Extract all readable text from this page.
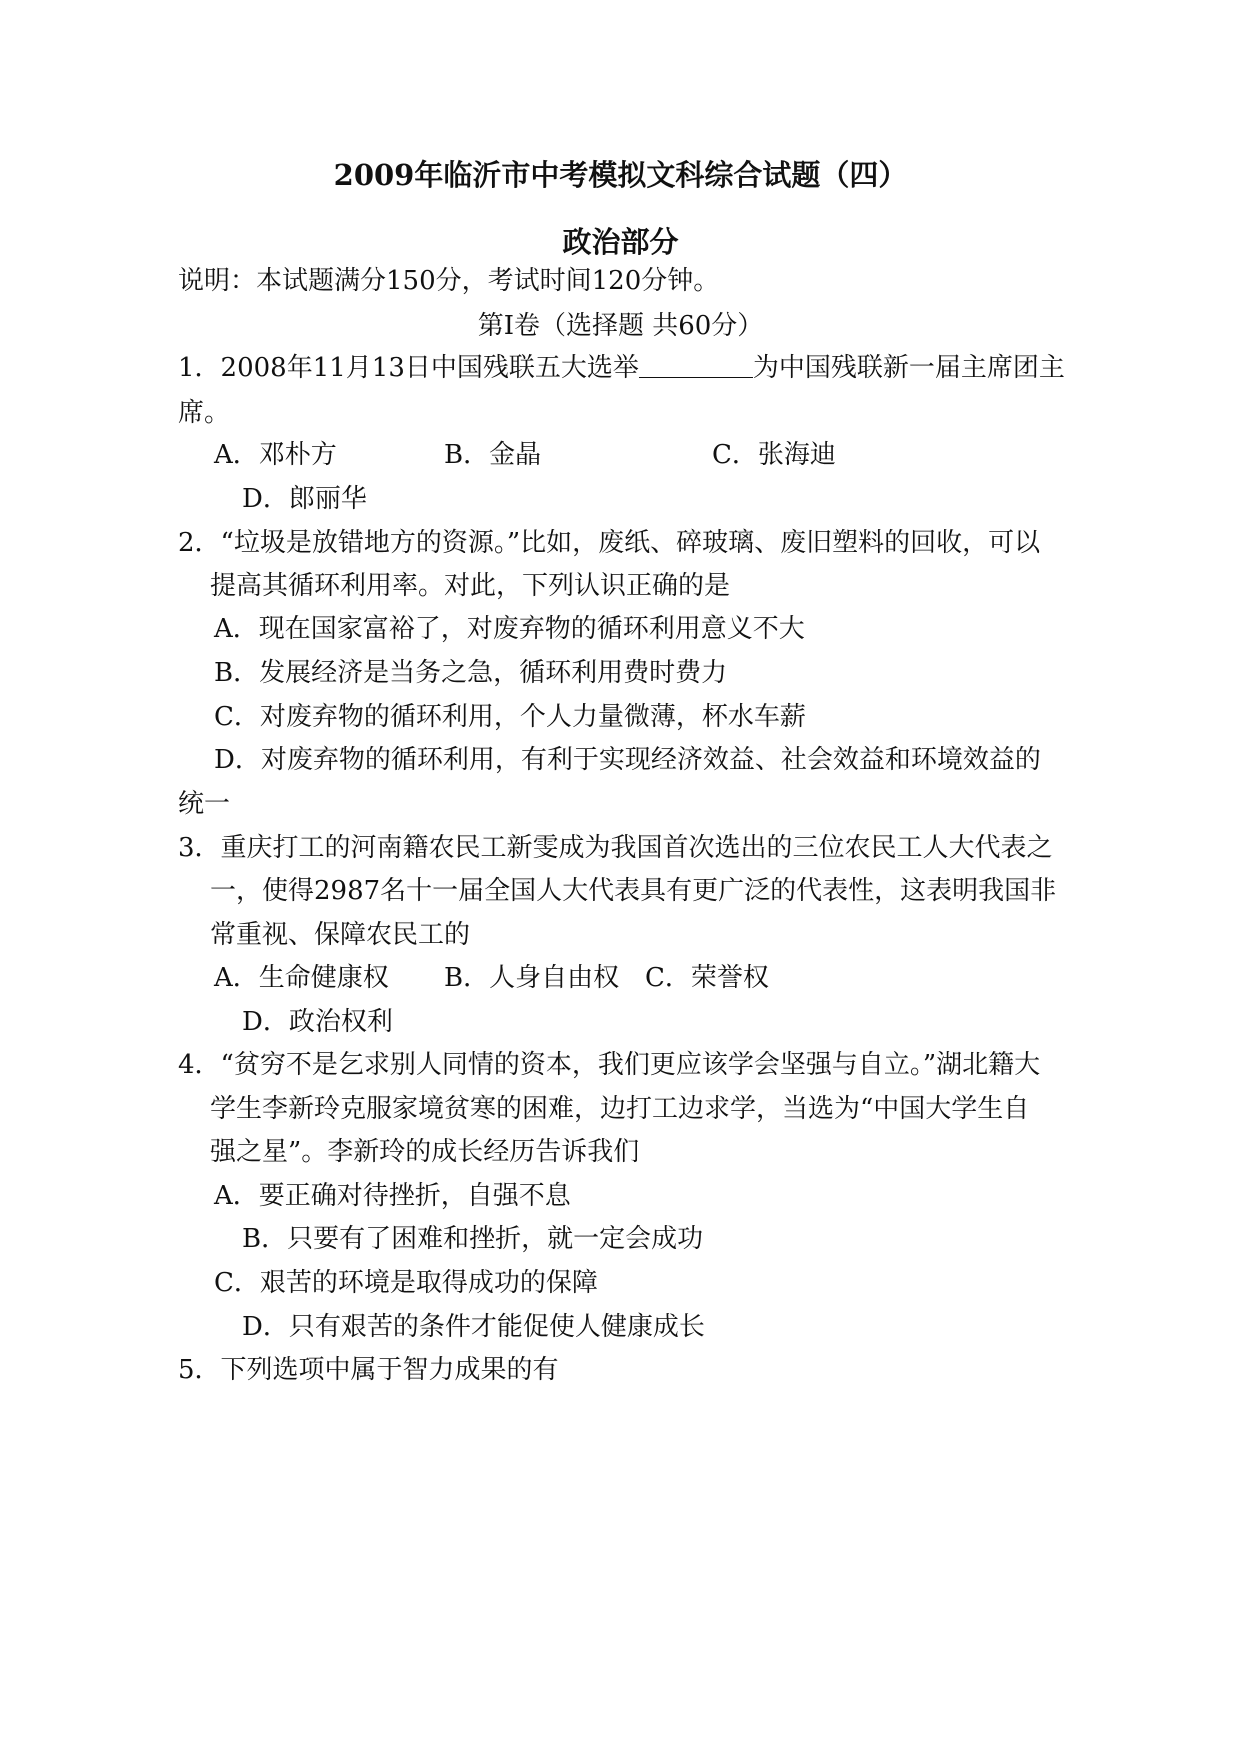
2009年临沂市中考模拟文科综合试题（四）
政治部分
说明：本试题满分150分，考试时间120分钟。
第Ⅰ卷（选择题 共60分）
1．2008年11月13日中国残联五大选举	为中国残联新一届主席团主
席。
A．邓朴方	B．金晶	C．张海迪
D．郎丽华
2．“垃圾是放错地方的资源。”比如，废纸、碎玻璃、废旧塑料的回收，可以
提高其循环利用率。对此，下列认识正确的是
A．现在国家富裕了，对废弃物的循环利用意义不大
B．发展经济是当务之急，循环利用费时费力
C．对废弃物的循环利用，个人力量微薄，杯水车薪
D．对废弃物的循环利用，有利于实现经济效益、社会效益和环境效益的
统一
3．重庆打工的河南籍农民工新雯成为我国首次选出的三位农民工人大代表之
一，使得2987名十一届全国人大代表具有更广泛的代表性，这表明我国非
常重视、保障农民工的
A．生命健康权 B．人身自由权 C．荣誉权
D．政治权利
4．“贫穷不是乞求别人同情的资本，我们更应该学会坚强与自立。”湖北籍大
学生李新玲克服家境贫寒的困难，边打工边求学，当选为“中国大学生自
强之星”。李新玲的成长经历告诉我们
A．要正确对待挫折，自强不息
B．只要有了困难和挫折，就一定会成功
C．艰苦的环境是取得成功的保障
D．只有艰苦的条件才能促使人健康成长
5．下列选项中属于智力成果的有
